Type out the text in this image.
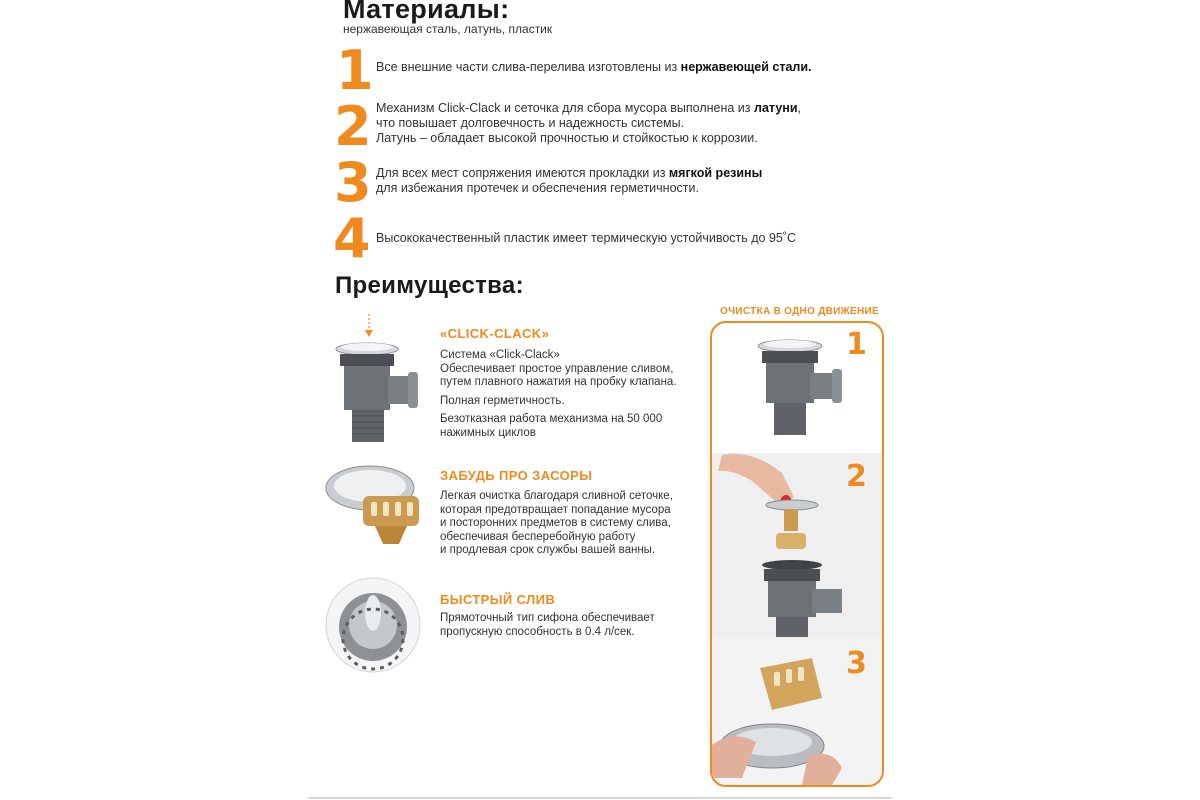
Материалы:
нержавеющая сталь, латунь, пластик
1 Все внешние части слива-перелива изготовлены из нержавеющей стали.
2 Механизм Click-Clack и сеточка для сбора мусора выполнена из латуни,
что повышает долговечность и надежность системы.
Латунь – обладает высокой прочностью и стойкостью к коррозии.
3 Для всех мест сопряжения имеются прокладки из мягкой резины
для избежания протечек и обеспечения герметичности.
4 Высококачественный пластик имеет термическую устойчивость до 95˚С
Преимущества:
«CLICK-CLACK»

Система «Click-Clack»
Обеспечивает простое управление сливом,
путем плавного нажатия на пробку клапана.

Полная герметичность.

Безотказная работа механизма на 50 000
нажимных циклов

ЗАБУДЬ ПРО ЗАСОРЫ

Легкая очистка благодаря сливной сеточке,
которая предотвращает попадание мусора
и посторонних предметов в систему слива,
обеспечивая бесперебойную работу
и продлевая срок службы вашей ванны.

БЫСТРЫЙ СЛИВ

Прямоточный тип сифона обеспечивает
пропускную способность в 0.4 л/сек.

ОЧИСТКА В ОДНО ДВИЖЕНИЕ
1
2
3
